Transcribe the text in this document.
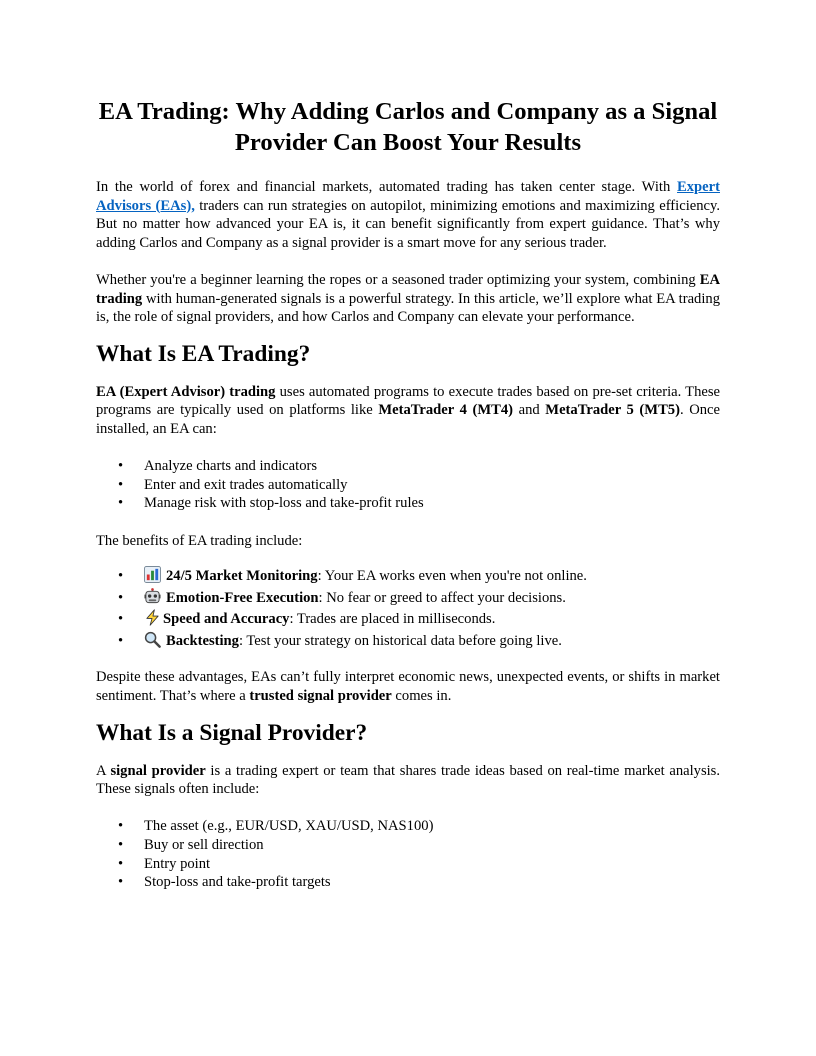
EA Trading: Why Adding Carlos and Company as a Signal Provider Can Boost Your Results

In the world of forex and financial markets, automated trading has taken center stage. With Expert Advisors (EAs), traders can run strategies on autopilot, minimizing emotions and maximizing efficiency. But no matter how advanced your EA is, it can benefit significantly from expert guidance. That’s why adding Carlos and Company as a signal provider is a smart move for any serious trader.

Whether you're a beginner learning the ropes or a seasoned trader optimizing your system, combining EA trading with human-generated signals is a powerful strategy. In this article, we’ll explore what EA trading is, the role of signal providers, and how Carlos and Company can elevate your performance.

What Is EA Trading?

EA (Expert Advisor) trading uses automated programs to execute trades based on pre-set criteria. These programs are typically used on platforms like MetaTrader 4 (MT4) and MetaTrader 5 (MT5). Once installed, an EA can:

• Analyze charts and indicators
• Enter and exit trades automatically
• Manage risk with stop-loss and take-profit rules

The benefits of EA trading include:

•	24/5 Market Monitoring: Your EA works even when you're not online.
•	Emotion-Free Execution: No fear or greed to affect your decisions.
•	Speed and Accuracy: Trades are placed in milliseconds.
•	Backtesting: Test your strategy on historical data before going live.

Despite these advantages, EAs can’t fully interpret economic news, unexpected events, or shifts in market sentiment. That’s where a trusted signal provider comes in.

What Is a Signal Provider?

A signal provider is a trading expert or team that shares trade ideas based on real-time market analysis. These signals often include:

• The asset (e.g., EUR/USD, XAU/USD, NAS100)
• Buy or sell direction
• Entry point
• Stop-loss and take-profit targets
